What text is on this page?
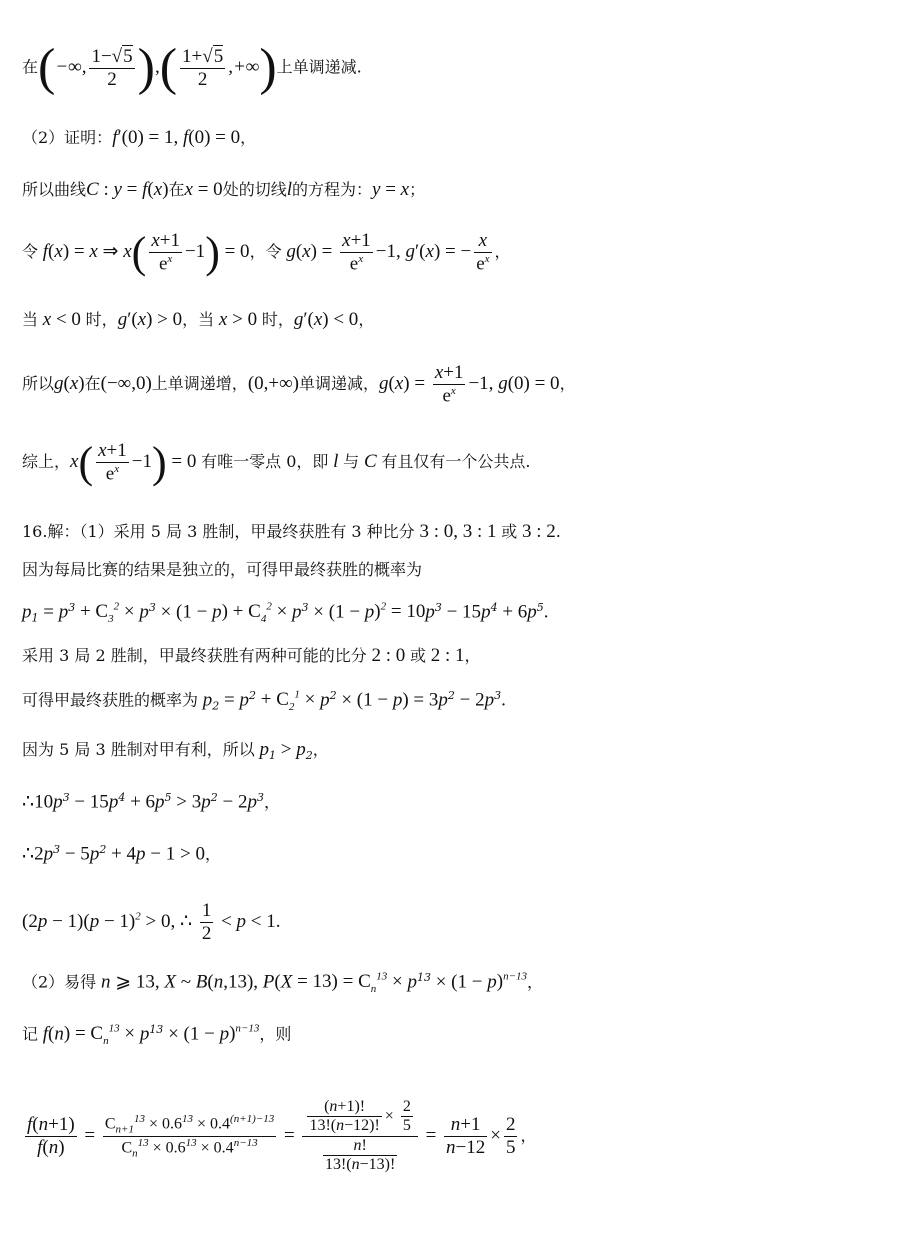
在(−∞, $\frac{1-√5}{2}$ ),( $\frac{1+√5}{2}$ ,+∞)上单调递减.
（2）证明：f′(0) = 1, f(0) = 0，
所以曲线C : y = f(x)在x = 0处的切线l的方程为：y = x；
令 f(x) = x ⇒ $x( \frac{x+1}{e^x} -1) = 0$，令 $g(x) = \frac{x+1}{e^x} -1$, g′(x) = − $\frac{x}{e^x}$ ，
当 x < 0 时，g′(x) > 0，当 x > 0 时，g′(x) < 0，
所以g(x)在(−∞,0)上单调递增，(0,+∞)单调递减，$g(x) = \frac{x+1}{e^x} -1$, g(0) = 0，
综上，$x( \frac{x+1}{e^x} -1) = 0$ 有唯一零点 0，即 l 与 C 有且仅有一个公共点.
16.解：（1）采用 5 局 3 胜制，甲最终获胜有 3 种比分 3 : 0, 3 : 1 或 3 : 2.
因为每局比赛的结果是独立的，可得甲最终获胜的概率为
$p_1 = p^3 + C_3^2 \times p^3 \times (1 - p) + C_4^2 \times p^3 \times (1 - p)^2 = 10p^3 - 15p^4 + 6p^5$.
采用 3 局 2 胜制，甲最终获胜有两种可能的比分 2 : 0 或 2 : 1，
可得甲最终获胜的概率为 $p_2 = p^2 + C_2^1 \times p^2 \times (1 - p) = 3p^2 - 2p^3$.
因为 5 局 3 胜制对甲有利，所以 $p_1 > p_2$，
$\therefore 10p^3 - 15p^4 + 6p^5 > 3p^2 - 2p^3$，
$\therefore 2p^3 - 5p^2 + 4p - 1 > 0$，
$(2p - 1)(p - 1)^2 > 0$, ∴ $\frac{1}{2} < p < 1$.
（2）易得 n ⩾ 13, X ~ B(n,13), $P(X = 13) = C_n^{13} \times p^{13} \times (1 - p)^{n-13}$，
记 $f(n) = C_n^{13} \times p^{13} \times (1 - p)^{n-13}$，则
$\frac{f(n+1)}{f(n)} = \frac{C_{n+1}^{13} \times 0.6^{13} \times 0.4^{(n+1)-13}}{C_n^{13} \times 0.6^{13} \times 0.4^{n-13}} = \frac{\frac{(n+1)!}{13!(n-12)!} \times \frac{2}{5}}{\frac{n!}{13!(n-13)!}} = \frac{n+1}{n-12} \times \frac{2}{5}$ ，
